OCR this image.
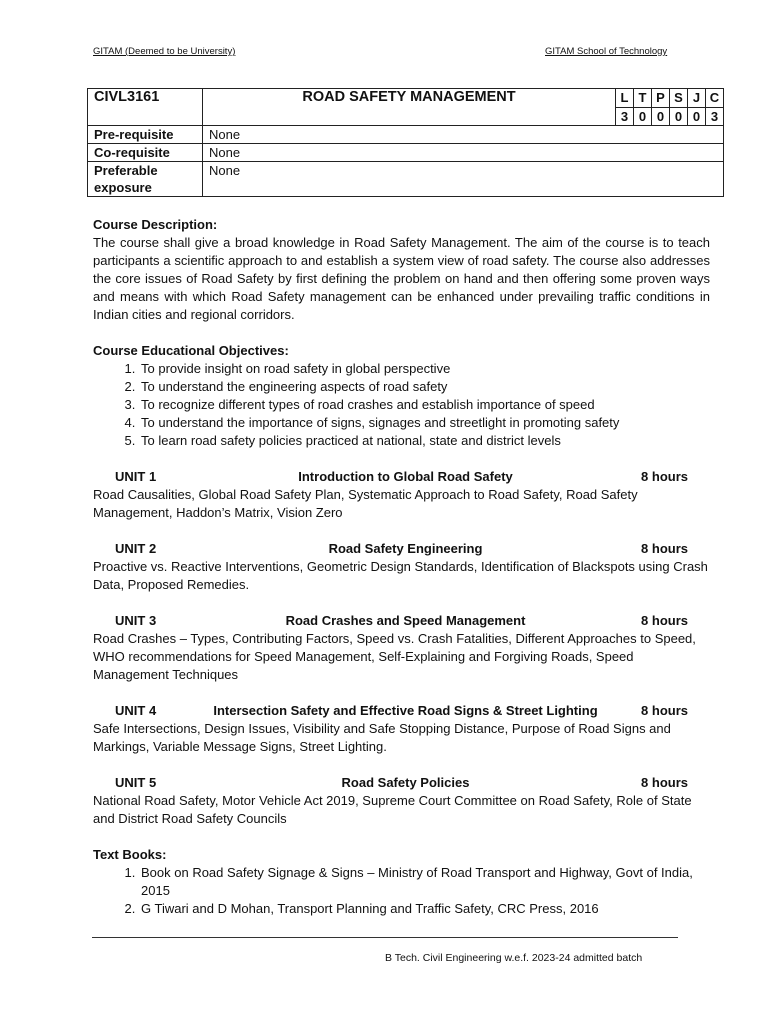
GITAM (Deemed to be University)	GITAM School of Technology
CIVL3161	ROAD SAFETY MANAGEMENT	L	T	P	S	J	C
		3	0	0	0	0	3
Pre-requisite	None						
Co-requisite	None						
Preferable
exposure	None						
Course Description:
The course shall give a broad knowledge in Road Safety Management. The aim of the course is to teach participants a scientific approach to and establish a system view of road safety. The course also addresses the core issues of Road Safety by first defining the problem on hand and then offering some proven ways and means with which Road Safety management can be enhanced under prevailing traffic conditions in Indian cities and regional corridors.
Course Educational Objectives:
1. To provide insight on road safety in global perspective
2. To understand the engineering aspects of road safety
3. To recognize different types of road crashes and establish importance of speed
4. To understand the importance of signs, signages and streetlight in promoting safety
5. To learn road safety policies practiced at national, state and district levels
UNIT 1	Introduction to Global Road Safety	8 hours
Road Causalities, Global Road Safety Plan, Systematic Approach to Road Safety, Road Safety Management, Haddon’s Matrix, Vision Zero
UNIT 2	Road Safety Engineering	8 hours
Proactive vs. Reactive Interventions, Geometric Design Standards, Identification of Blackspots using Crash Data, Proposed Remedies.
UNIT 3	Road Crashes and Speed Management	8 hours
Road Crashes – Types, Contributing Factors, Speed vs. Crash Fatalities, Different Approaches to Speed, WHO recommendations for Speed Management, Self-Explaining and Forgiving Roads, Speed Management Techniques
UNIT 4	Intersection Safety and Effective Road Signs & Street Lighting	8 hours
Safe Intersections, Design Issues, Visibility and Safe Stopping Distance, Purpose of Road Signs and Markings, Variable Message Signs, Street Lighting.
UNIT 5	Road Safety Policies	8 hours
National Road Safety, Motor Vehicle Act 2019, Supreme Court Committee on Road Safety, Role of State and District Road Safety Councils
Text Books:
1. Book on Road Safety Signage & Signs – Ministry of Road Transport and Highway, Govt of India, 2015
2. G Tiwari and D Mohan, Transport Planning and Traffic Safety, CRC Press, 2016
B Tech. Civil Engineering w.e.f. 2023-24 admitted batch
